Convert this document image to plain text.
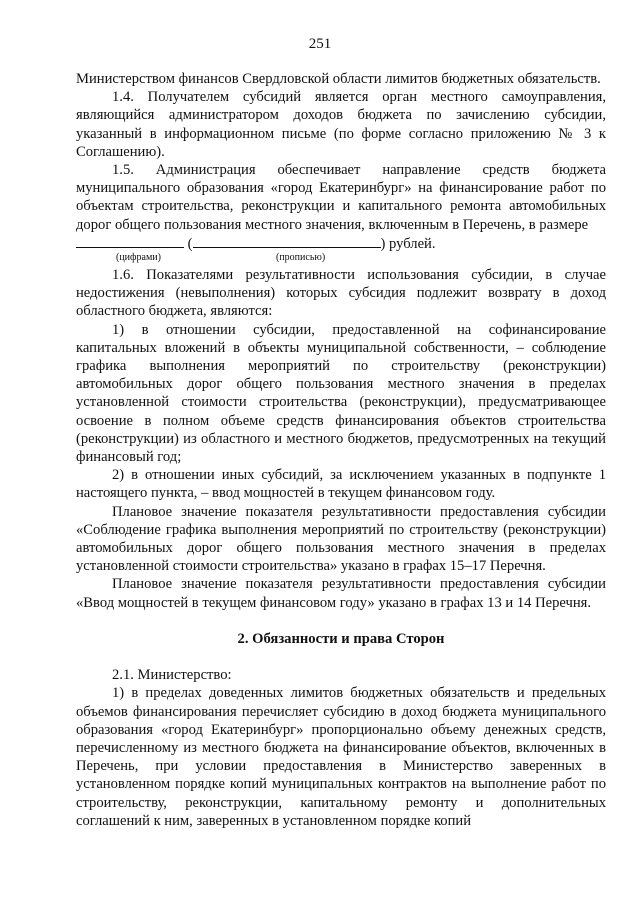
251

Министерством финансов Свердловской области лимитов бюджетных обязательств.

1.4. Получателем субсидий является орган местного самоуправления, являющийся администратором доходов бюджета по зачислению субсидии, указанный в информационном письме (по форме согласно приложению № 3 к Соглашению).

1.5. Администрация обеспечивает направление средств бюджета муниципального образования «город Екатеринбург» на финансирование работ по объектам строительства, реконструкции и капитального ремонта автомобильных дорог общего пользования местного значения, включенным в Перечень, в размере
(	) рублей.

(цифрами)	(прописью)

1.6. Показателями результативности использования субсидии, в случае недостижения (невыполнения) которых субсидия подлежит возврату в доход областного бюджета, являются:

1) в отношении субсидии, предоставленной на софинансирование капитальных вложений в объекты муниципальной собственности, – соблюдение графика выполнения мероприятий по строительству (реконструкции) автомобильных дорог общего пользования местного значения в пределах установленной стоимости строительства (реконструкции), предусматривающее освоение в полном объеме средств финансирования объектов строительства (реконструкции) из областного и местного бюджетов, предусмотренных на текущий финансовый год;

2) в отношении иных субсидий, за исключением указанных в подпункте 1 настоящего пункта, – ввод мощностей в текущем финансовом году.

Плановое значение показателя результативности предоставления субсидии «Соблюдение графика выполнения мероприятий по строительству (реконструкции) автомобильных дорог общего пользования местного значения в пределах установленной стоимости строительства» указано в графах 15–17 Перечня.

Плановое значение показателя результативности предоставления субсидии «Ввод мощностей в текущем финансовом году» указано в графах 13 и 14 Перечня.

2. Обязанности и права Сторон

2.1. Министерство:

1) в пределах доведенных лимитов бюджетных обязательств и предельных объемов финансирования перечисляет субсидию в доход бюджета муниципального образования «город Екатеринбург» пропорционально объему денежных средств, перечисленному из местного бюджета на финансирование объектов, включенных в Перечень, при условии предоставления в Министерство заверенных в установленном порядке копий муниципальных контрактов на выполнение работ по строительству, реконструкции, капитальному ремонту и дополнительных соглашений к ним, заверенных в установленном порядке копий
